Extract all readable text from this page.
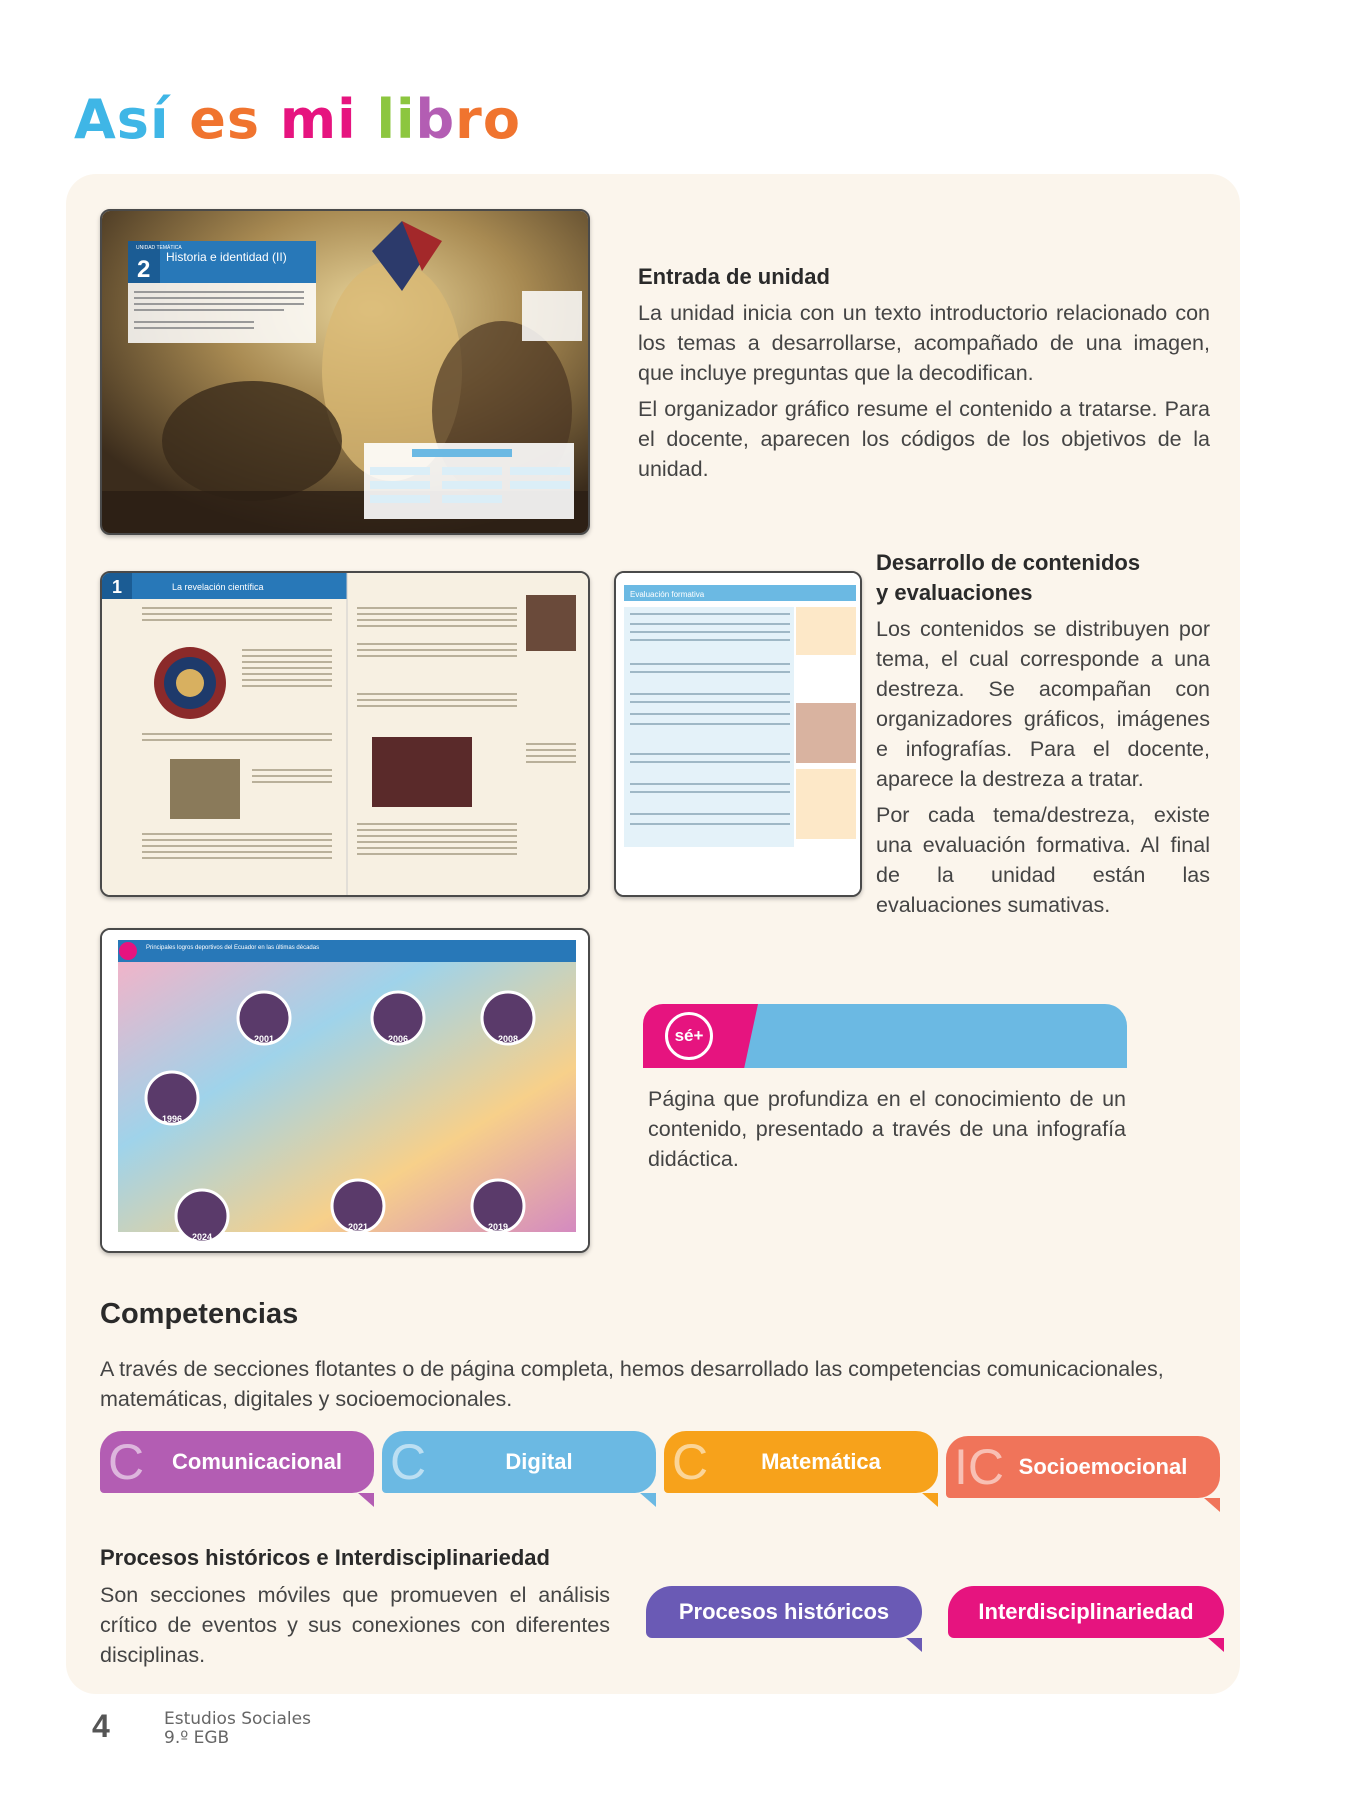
Así es mi libro
UNIDAD TEMÁTICA
2 Historia e identidad (II)
Entrada de unidad

La unidad inicia con un texto introductorio relacionado con los temas a desarrollarse, acompañado de una imagen, que incluye preguntas que la decodifican.

El organizador gráfico resume el contenido a tratarse. Para el docente, aparecen los códigos de los objetivos de la unidad.

1	La revelación científica
Evaluación formativa
Desarrollo de contenidos
y evaluaciones

Los contenidos se distribuyen por tema, el cual corresponde a una destreza. Se acompañan con organizadores gráficos, imágenes e infografías. Para el docente, aparece la destreza a tratar.

Por cada tema/destreza, existe una evaluación formativa. Al final de la unidad están las evaluaciones sumativas.

Principales logros deportivos del Ecuador en las últimas décadas
2001	2006	2008
1996
2024
2021	2019
sé+
Página que profundiza en el conocimiento de un contenido, presentado a través de una infografía didáctica.
Competencias
A través de secciones flotantes o de página completa, hemos desarrollado las competencias comunicacionales, matemáticas, digitales y socioemocionales.
C	Comunicacional C	Digital C	Matemática IC Socioemocional
Procesos históricos e Interdisciplinariedad
Son secciones móviles que promueven el análisis crítico de eventos y sus conexiones con diferentes disciplinas.
Procesos históricos	Interdisciplinariedad
4	Estudios Sociales
9.º EGB
